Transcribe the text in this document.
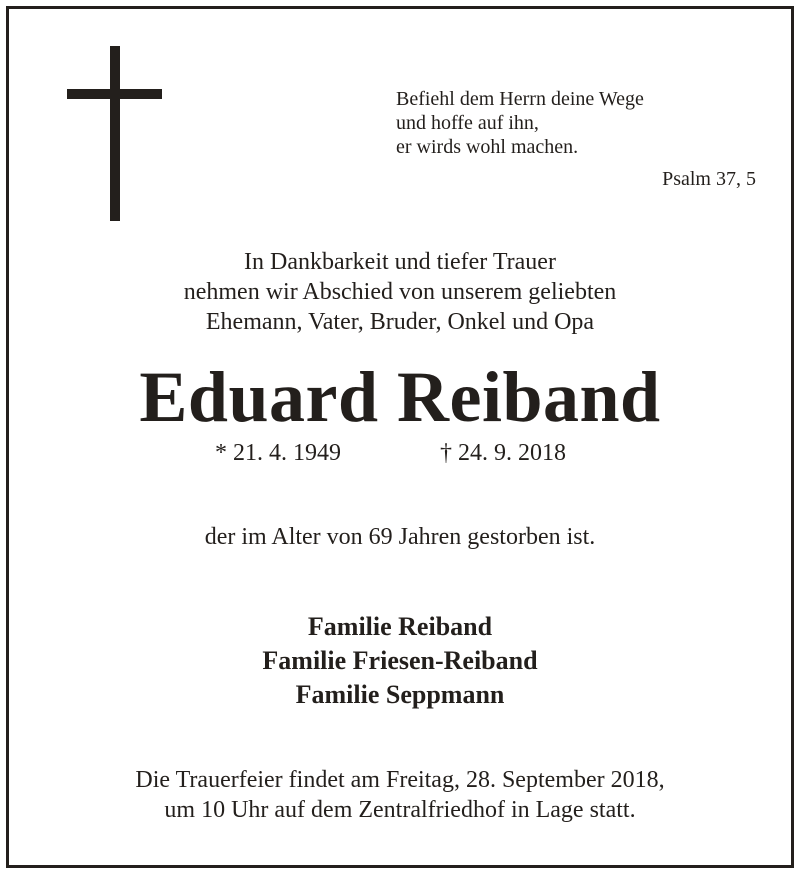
Befiehl dem Herrn deine Wege
und hoffe auf ihn,
er wirds wohl machen.
Psalm 37, 5
In Dankbarkeit und tiefer Trauer
nehmen wir Abschied von unserem geliebten
Ehemann, Vater, Bruder, Onkel und Opa
Eduard Reiband
* 21. 4. 1949	† 24. 9. 2018
der im Alter von 69 Jahren gestorben ist.
Familie Reiband
Familie Friesen-Reiband
Familie Seppmann
Die Trauerfeier findet am Freitag, 28. September 2018,
um 10 Uhr auf dem Zentralfriedhof in Lage statt.
